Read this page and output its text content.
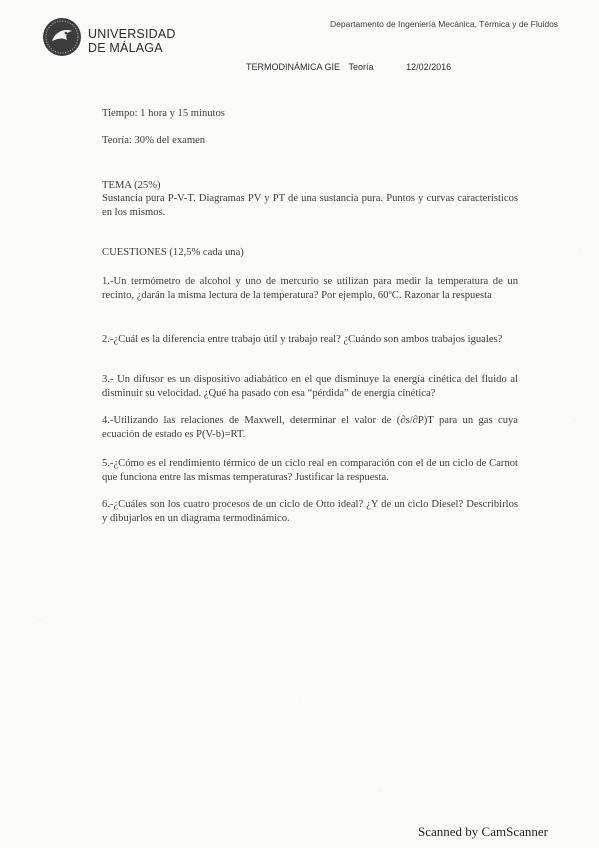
UNIVERSIDAD
DE MÁLAGA
Departamento de Ingeniería Mecánica, Térmica y de Fluidos
TERMODINÁMICA GIE Teoría	12/02/2016
Tiempo: 1 hora y 15 minutos
Teoría: 30% del examen
TEMA (25%)
Sustancia pura P-V-T. Diagramas PV y PT de una sustancia pura. Puntos y curvas característicos en los mismos.
CUESTIONES (12,5% cada una)
1.-Un termómetro de alcohol y uno de mercurio se utilizan para medir la temperatura de un recinto, ¿darán la misma lectura de la temperatura? Por ejemplo, 60ºC. Razonar la respuesta
2.-¿Cuál es la diferencia entre trabajo útil y trabajo real? ¿Cuándo son ambos trabajos iguales?
3.- Un difusor es un dispositivo adiabático en el que disminuye la energía cinética del fluido al disminuir su velocidad. ¿Qué ha pasado con esa “pérdida” de energía cinética?
4.-Utilizando las relaciones de Maxwell, determinar el valor de (∂s/∂P)T para un gas cuya ecuación de estado es P(V-b)=RT.
5.-¿Cómo es el rendimiento térmico de un ciclo real en comparación con el de un ciclo de Carnot que funciona entre las mismas temperaturas? Justificar la respuesta.
6.-¿Cuáles son los cuatro procesos de un ciclo de Otto ideal? ¿Y de un ciclo Diesel? Describirlos y dibujarlos en un diagrama termodinámico.
Scanned by CamScanner
